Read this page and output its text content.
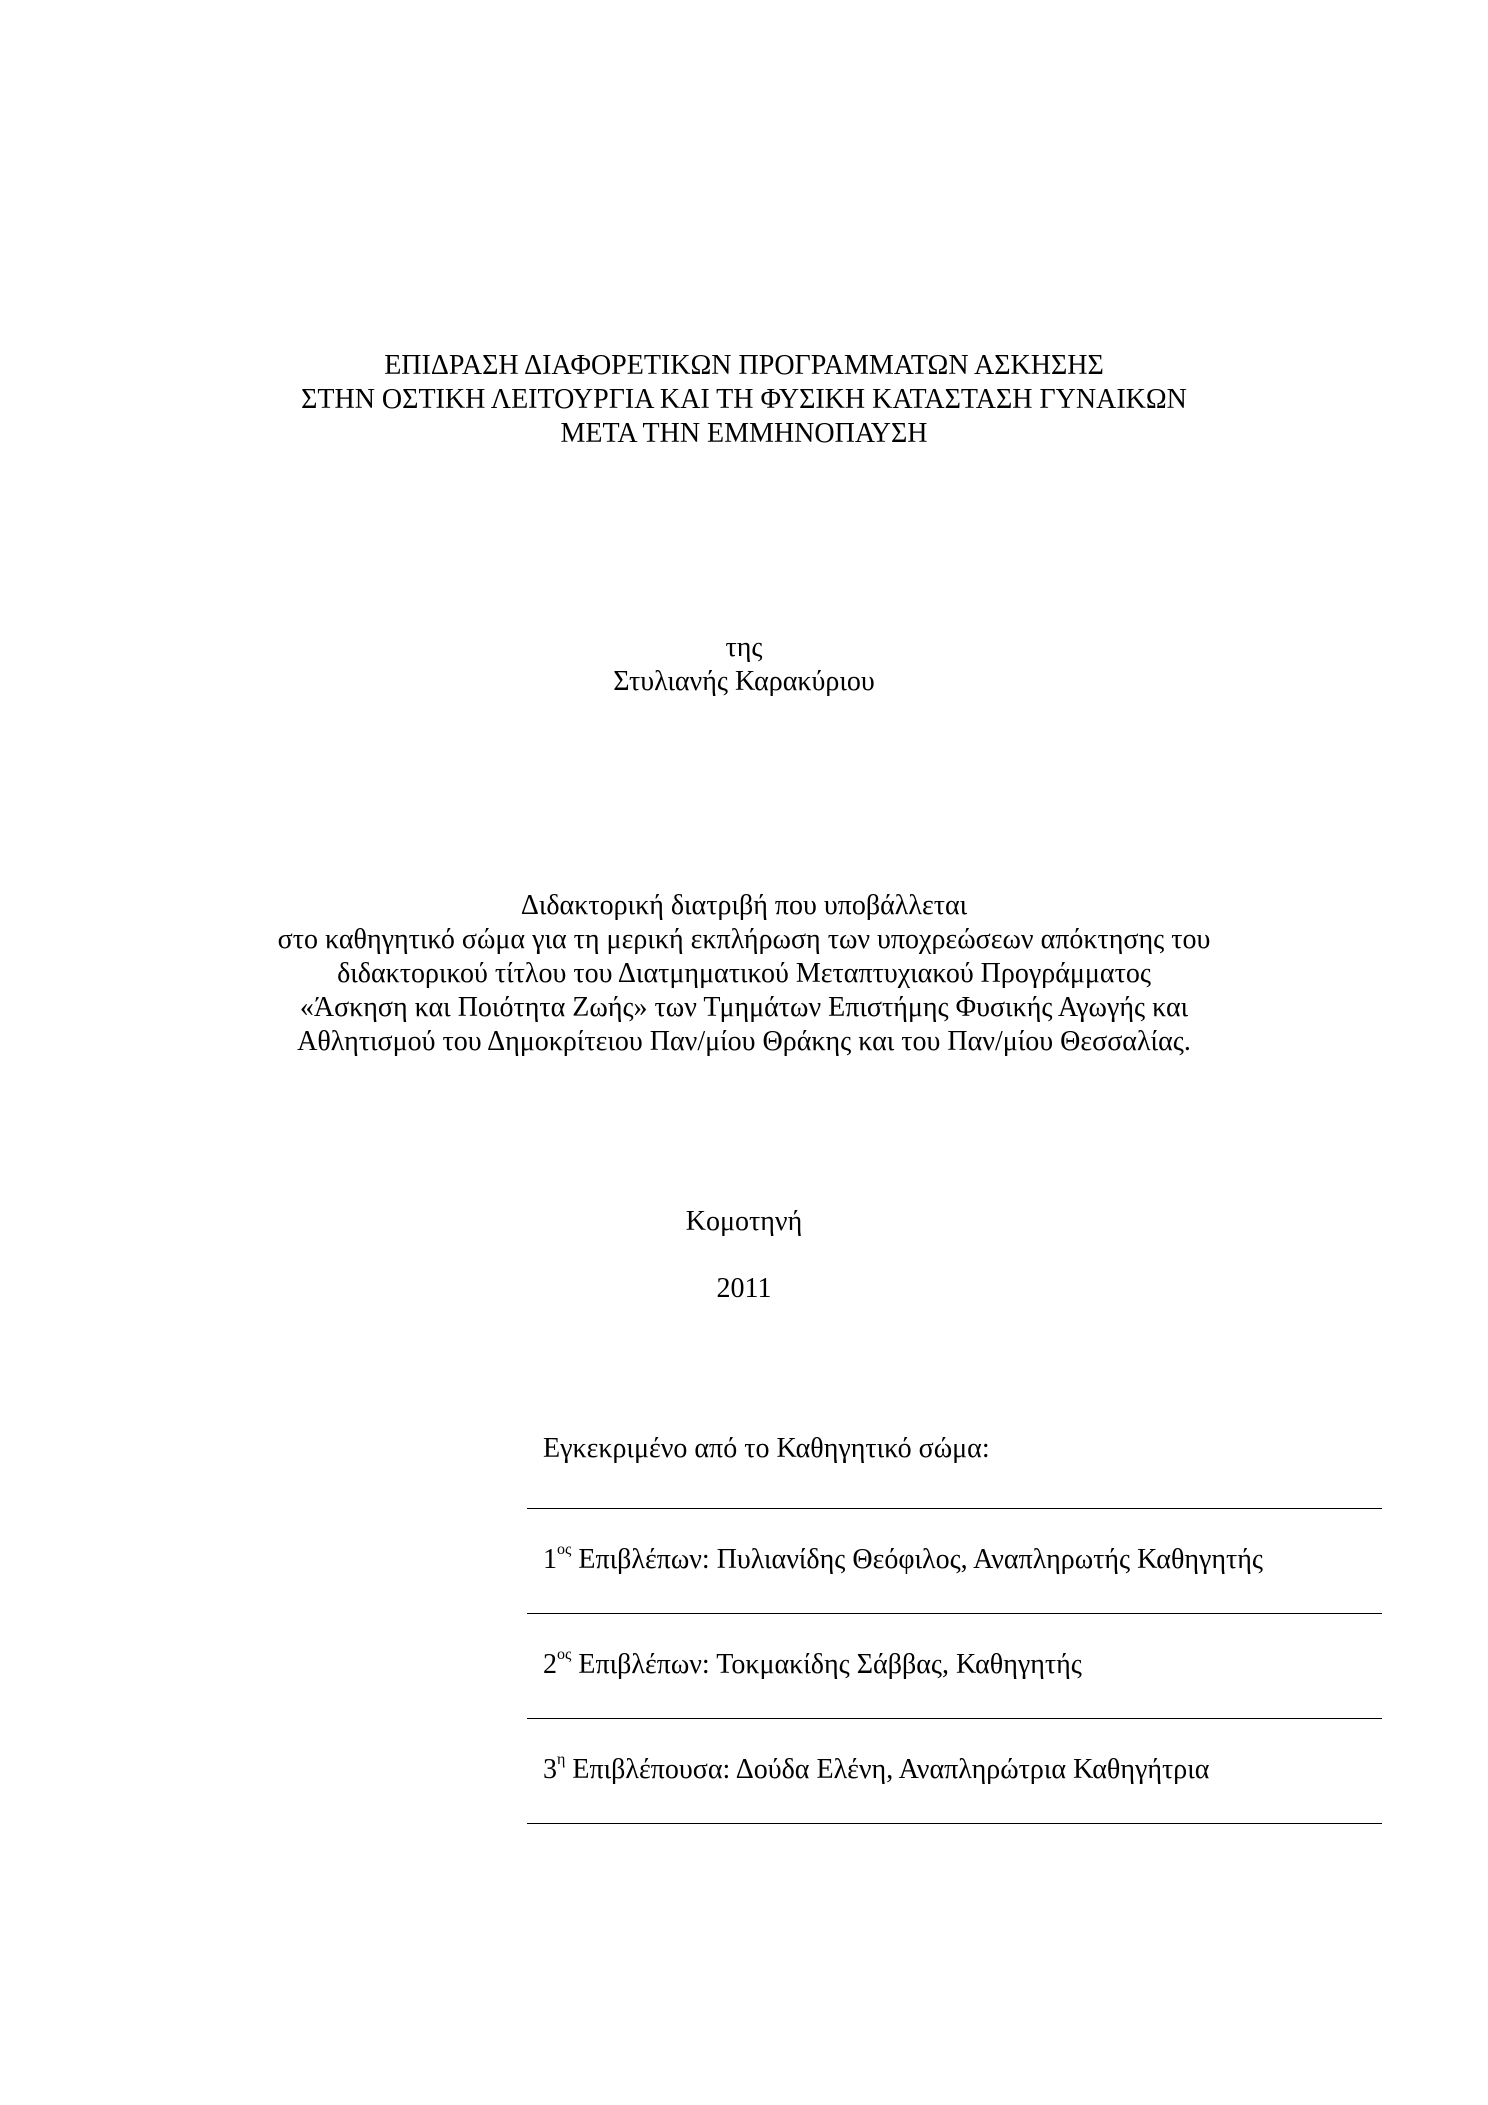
ΕΠΙΔΡΑΣΗ ΔΙΑΦΟΡΕΤΙΚΩΝ ΠΡΟΓΡΑΜΜΑΤΩΝ ΑΣΚΗΣΗΣ
ΣΤΗΝ ΟΣΤΙΚΗ ΛΕΙΤΟΥΡΓΙΑ ΚΑΙ ΤΗ ΦΥΣΙΚΗ ΚΑΤΑΣΤΑΣΗ ΓΥΝΑΙΚΩΝ
ΜΕΤΑ ΤΗΝ ΕΜΜΗΝΟΠΑΥΣΗ
της
Στυλιανής Καρακύριου
Διδακτορική διατριβή που υποβάλλεται
στο καθηγητικό σώμα για τη μερική εκπλήρωση των υποχρεώσεων απόκτησης του
διδακτορικού τίτλου του Διατμηματικού Μεταπτυχιακού Προγράμματος
«Άσκηση και Ποιότητα Ζωής» των Τμημάτων Επιστήμης Φυσικής Αγωγής και
Αθλητισμού του Δημοκρίτειου Παν/μίου Θράκης και του Παν/μίου Θεσσαλίας.
Κομοτηνή
2011
Εγκεκριμένο από το Καθηγητικό σώμα:
$1^{o\varsigma}$ Επιβλέπων: Πυλιανίδης Θεόφιλος, Αναπληρωτής Καθηγητής
$2^{o\varsigma}$ Επιβλέπων: Τοκμακίδης Σάββας, Καθηγητής
$3^\eta$ Επιβλέπουσα: Δούδα Ελένη, Αναπληρώτρια Καθηγήτρια
